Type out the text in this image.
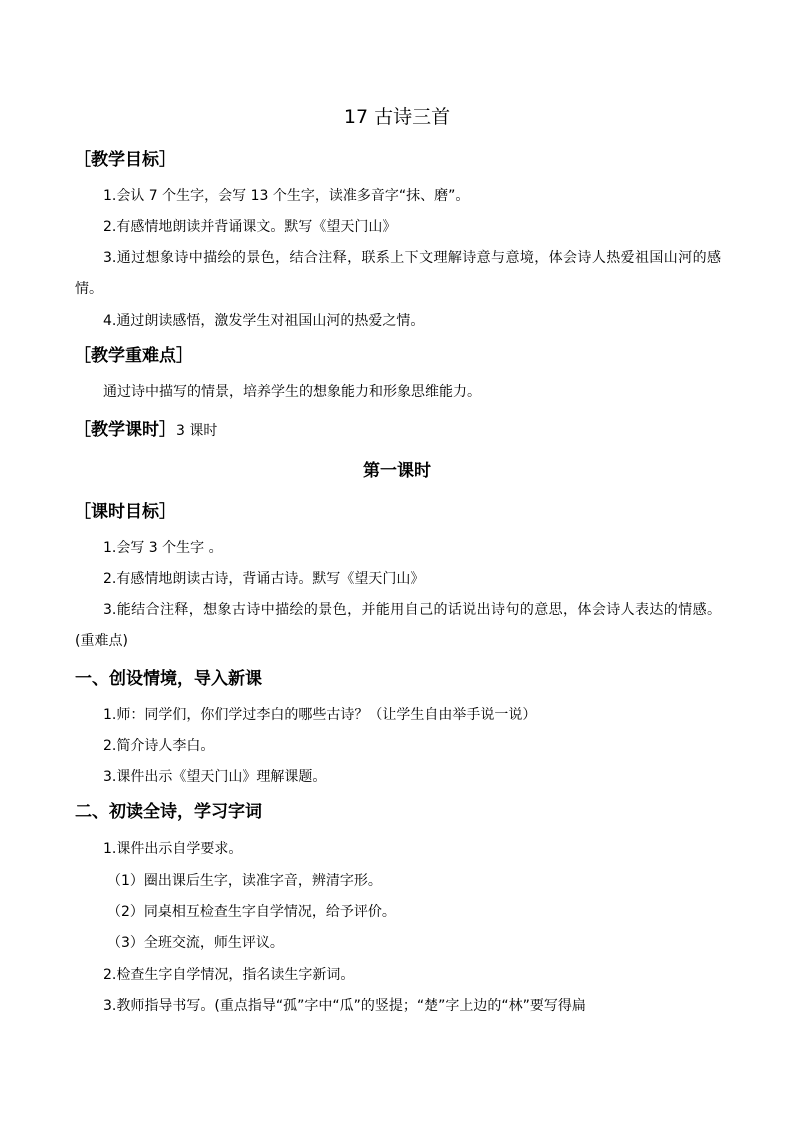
17 古诗三首
［教学目标］
1.会认 7 个生字，会写 13 个生字，读准多音字“抹、磨”。
2.有感情地朗读并背诵课文。默写《望天门山》
3.通过想象诗中描绘的景色，结合注释，联系上下文理解诗意与意境，体会诗人热爱祖国山河的感情。
4.通过朗读感悟，激发学生对祖国山河的热爱之情。
［教学重难点］
通过诗中描写的情景，培养学生的想象能力和形象思维能力。
［教学课时］3 课时
第一课时
［课时目标］
1.会写 3 个生字 。
2.有感情地朗读古诗，背诵古诗。默写《望天门山》
3.能结合注释，想象古诗中描绘的景色，并能用自己的话说出诗句的意思，体会诗人表达的情感。(重难点)
一、创设情境，导入新课
1.师：同学们，你们学过李白的哪些古诗？（让学生自由举手说一说）
2.简介诗人李白。
3.课件出示《望天门山》理解课题。
二、初读全诗，学习字词
1.课件出示自学要求。
（1）圈出课后生字，读准字音，辨清字形。
（2）同桌相互检查生字自学情况，给予评价。
（3）全班交流，师生评议。
2.检查生字自学情况，指名读生字新词。
3.教师指导书写。(重点指导“孤”字中“瓜”的竖提；“楚”字上边的“林”要写得扁
